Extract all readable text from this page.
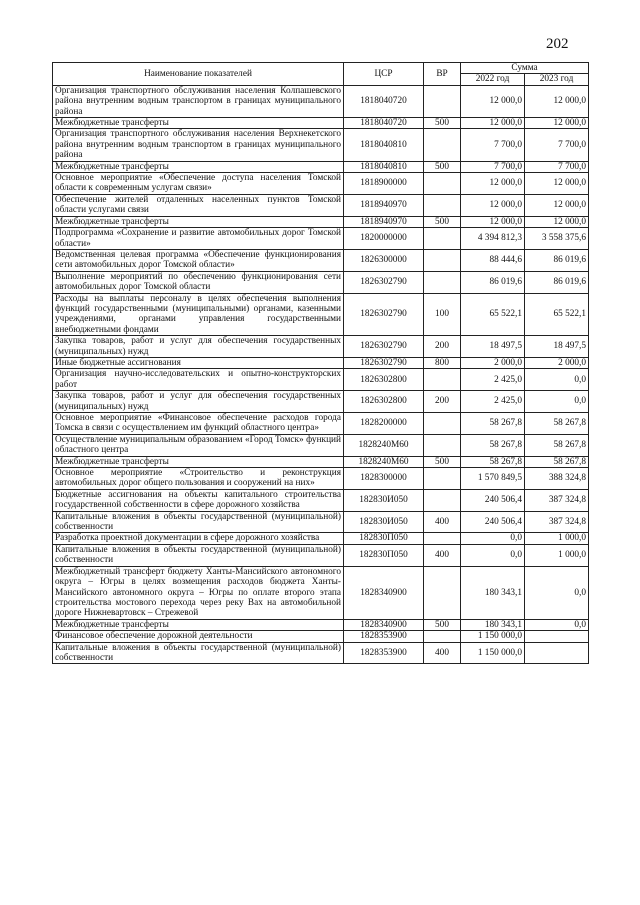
202
Наименование показателей	ЦСР	ВР	Сумма	
			2022 год	2023 год
Организация транспортного обслуживания населения Колпашевского района внутренним водным транспортом в границах муниципального района	1818040720		12 000,0	12 000,0
Межбюджетные трансферты	1818040720	500	12 000,0	12 000,0
Организация транспортного обслуживания населения Верхнекетского района внутренним водным транспортом в границах муниципального района	1818040810		7 700,0	7 700,0
Межбюджетные трансферты	1818040810	500	7 700,0	7 700,0
Основное мероприятие «Обеспечение доступа населения Томской области к современным услугам связи»	1818900000		12 000,0	12 000,0
Обеспечение жителей отдаленных населенных пунктов Томской области услугами связи	1818940970		12 000,0	12 000,0
Межбюджетные трансферты	1818940970	500	12 000,0	12 000,0
Подпрограмма «Сохранение и развитие автомобильных дорог Томской области»	1820000000		4 394 812,3	3 558 375,6
Ведомственная целевая программа «Обеспечение функционирования сети автомобильных дорог Томской области»	1826300000		88 444,6	86 019,6
Выполнение мероприятий по обеспечению функционирования сети автомобильных дорог Томской области	1826302790		86 019,6	86 019,6
Расходы на выплаты персоналу в целях обеспечения выполнения функций государственными (муниципальными) органами, казенными учреждениями, органами управления государственными внебюджетными фондами	1826302790	100	65 522,1	65 522,1
Закупка товаров, работ и услуг для обеспечения государственных (муниципальных) нужд	1826302790	200	18 497,5	18 497,5
Иные бюджетные ассигнования	1826302790	800	2 000,0	2 000,0
Организация научно-исследовательских и опытно-конструкторских работ	1826302800		2 425,0	0,0
Закупка товаров, работ и услуг для обеспечения государственных (муниципальных) нужд	1826302800	200	2 425,0	0,0
Основное мероприятие «Финансовое обеспечение расходов города Томска в связи с осуществлением им функций областного центра»	1828200000		58 267,8	58 267,8
Осуществление муниципальным образованием «Город Томск» функций областного центра	1828240М60		58 267,8	58 267,8
Межбюджетные трансферты	1828240М60	500	58 267,8	58 267,8
Основное мероприятие «Строительство и реконструкция автомобильных дорог общего пользования и сооружений на них»	1828300000		1 570 849,5	388 324,8
Бюджетные ассигнования на объекты капитального строительства государственной собственности в сфере дорожного хозяйства	182830И050		240 506,4	387 324,8
Капитальные вложения в объекты государственной (муниципальной) собственности	182830И050	400	240 506,4	387 324,8
Разработка проектной документации в сфере дорожного хозяйства	182830П050		0,0	1 000,0
Капитальные вложения в объекты государственной (муниципальной) собственности	182830П050	400	0,0	1 000,0
Межбюджетный трансферт бюджету Ханты-Мансийского автономного округа – Югры в целях возмещения расходов бюджета Ханты-Мансийского автономного округа – Югры по оплате второго этапа строительства мостового перехода через реку Вах на автомобильной дороге Нижневартовск – Стрежевой	1828340900		180 343,1	0,0
Межбюджетные трансферты	1828340900	500	180 343,1	0,0
Финансовое обеспечение дорожной деятельности	1828353900		1 150 000,0	
Капитальные вложения в объекты государственной (муниципальной) собственности	1828353900	400	1 150 000,0	
